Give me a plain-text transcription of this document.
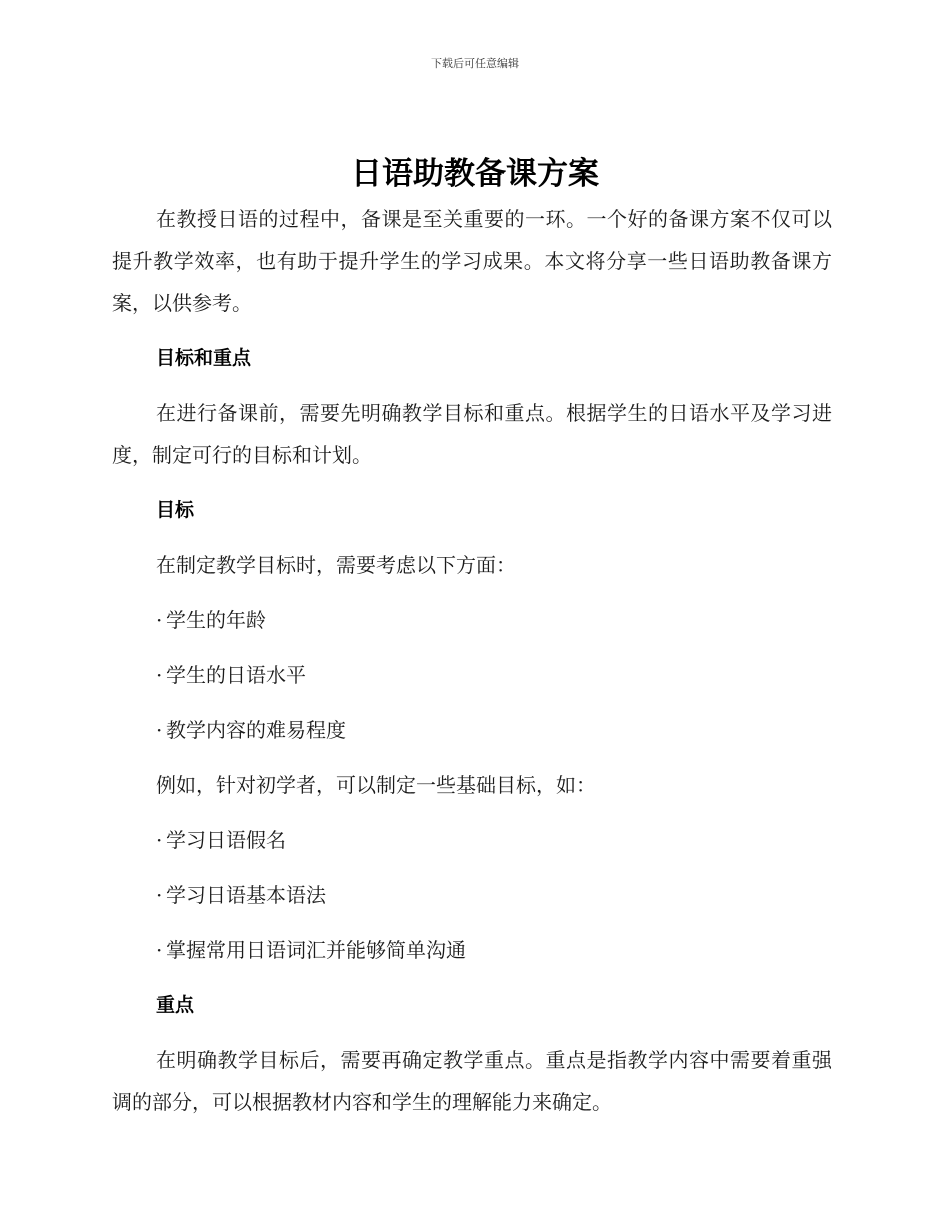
下载后可任意编辑
日语助教备课方案

在教授日语的过程中，备课是至关重要的一环。一个好的备课方案不仅可以提升教学效率，也有助于提升学生的学习成果。本文将分享一些日语助教备课方案，以供参考。

目标和重点

在进行备课前，需要先明确教学目标和重点。根据学生的日语水平及学习进度，制定可行的目标和计划。

目标

在制定教学目标时，需要考虑以下方面：

· 学生的年龄

· 学生的日语水平

· 教学内容的难易程度

例如，针对初学者，可以制定一些基础目标，如：

· 学习日语假名

· 学习日语基本语法

· 掌握常用日语词汇并能够简单沟通

重点

在明确教学目标后，需要再确定教学重点。重点是指教学内容中需要着重强调的部分，可以根据教材内容和学生的理解能力来确定。
